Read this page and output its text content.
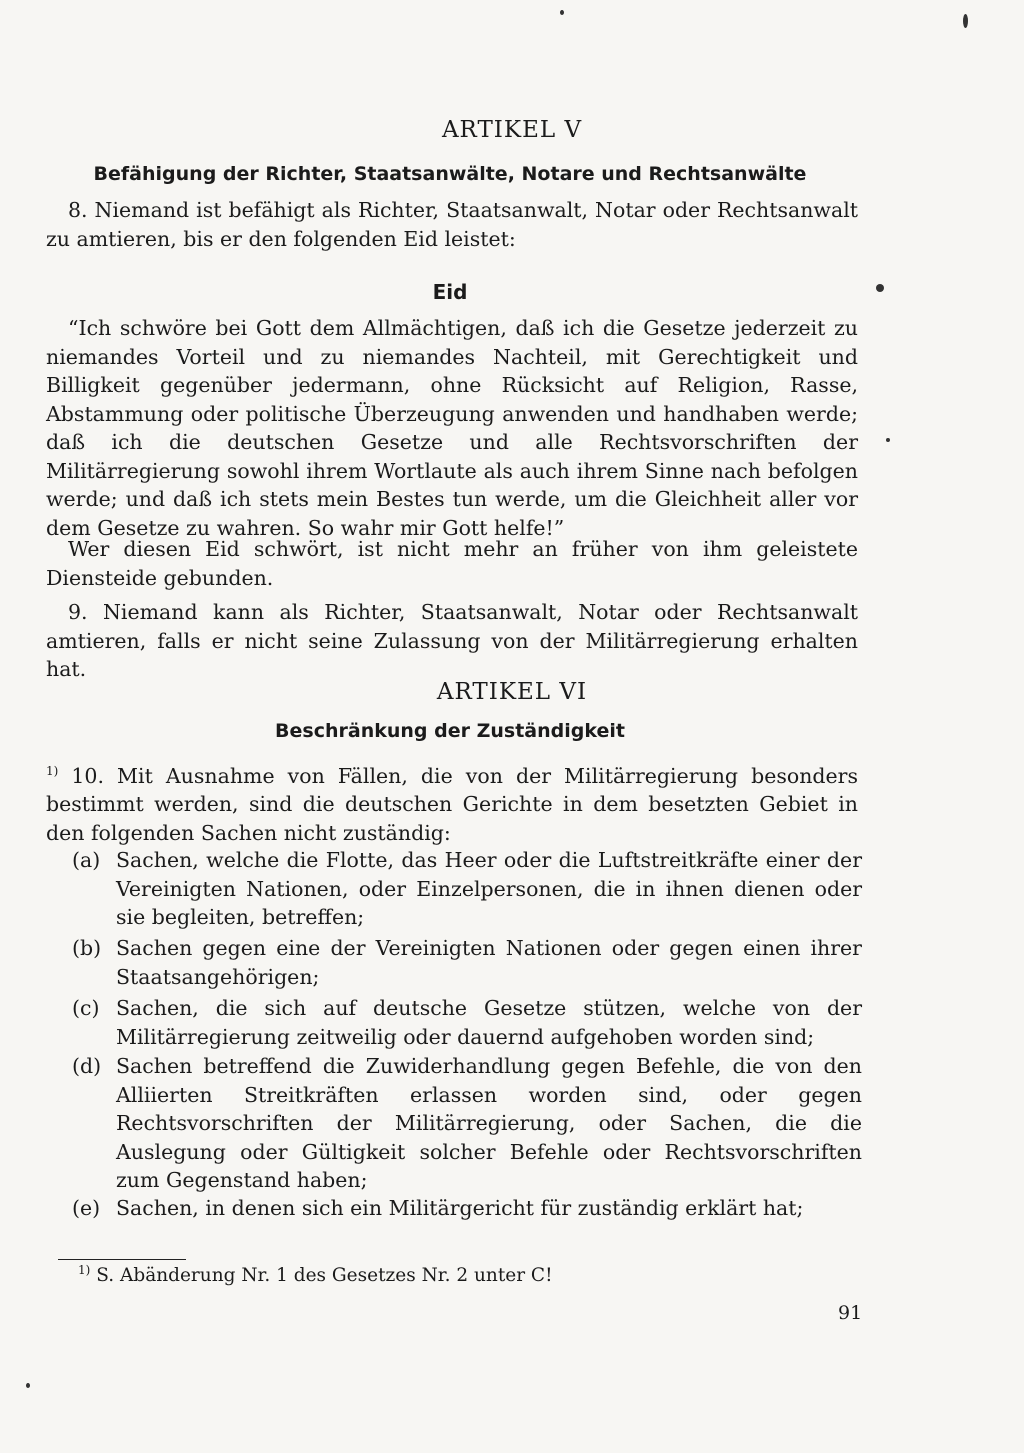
ARTIKEL V
Befähigung der Richter, Staatsanwälte, Notare und Rechtsanwälte
8. Niemand ist befähigt als Richter, Staatsanwalt, Notar oder Rechtsanwalt zu amtieren, bis er den folgenden Eid leistet:
Eid
“Ich schwöre bei Gott dem Allmächtigen, daß ich die Gesetze jederzeit zu niemandes Vorteil und zu niemandes Nachteil, mit Gerechtigkeit und Billigkeit gegenüber jedermann, ohne Rücksicht auf Religion, Rasse, Abstammung oder politische Überzeugung anwenden und handhaben werde; daß ich die deutschen Gesetze und alle Rechtsvorschriften der Militärregierung sowohl ihrem Wortlaute als auch ihrem Sinne nach befolgen werde; und daß ich stets mein Bestes tun werde, um die Gleichheit aller vor dem Gesetze zu wahren. So wahr mir Gott helfe!”
Wer diesen Eid schwört, ist nicht mehr an früher von ihm geleistete Diensteide gebunden.
9. Niemand kann als Richter, Staatsanwalt, Notar oder Rechtsanwalt amtieren, falls er nicht seine Zulassung von der Militärregierung erhalten hat.
ARTIKEL VI
Beschränkung der Zuständigkeit
$^{1)}$ 10. Mit Ausnahme von Fällen, die von der Militärregierung besonders bestimmt werden, sind die deutschen Gerichte in dem besetzten Gebiet in den folgenden Sachen nicht zuständig:
(a) Sachen, welche die Flotte, das Heer oder die Luftstreitkräfte einer der Vereinigten Nationen, oder Einzelpersonen, die in ihnen dienen oder sie begleiten, betreffen;
(b) Sachen gegen eine der Vereinigten Nationen oder gegen einen ihrer Staatsangehörigen;
(c) Sachen, die sich auf deutsche Gesetze stützen, welche von der Militärregierung zeitweilig oder dauernd aufgehoben worden sind;
(d) Sachen betreffend die Zuwiderhandlung gegen Befehle, die von den Alliierten Streitkräften erlassen worden sind, oder gegen Rechtsvorschriften der Militärregierung, oder Sachen, die die Auslegung oder Gültigkeit solcher Befehle oder Rechtsvorschriften zum Gegenstand haben;
(e) Sachen, in denen sich ein Militärgericht für zuständig erklärt hat;
$^{1)}$ S. Abänderung Nr. 1 des Gesetzes Nr. 2 unter C!
91
